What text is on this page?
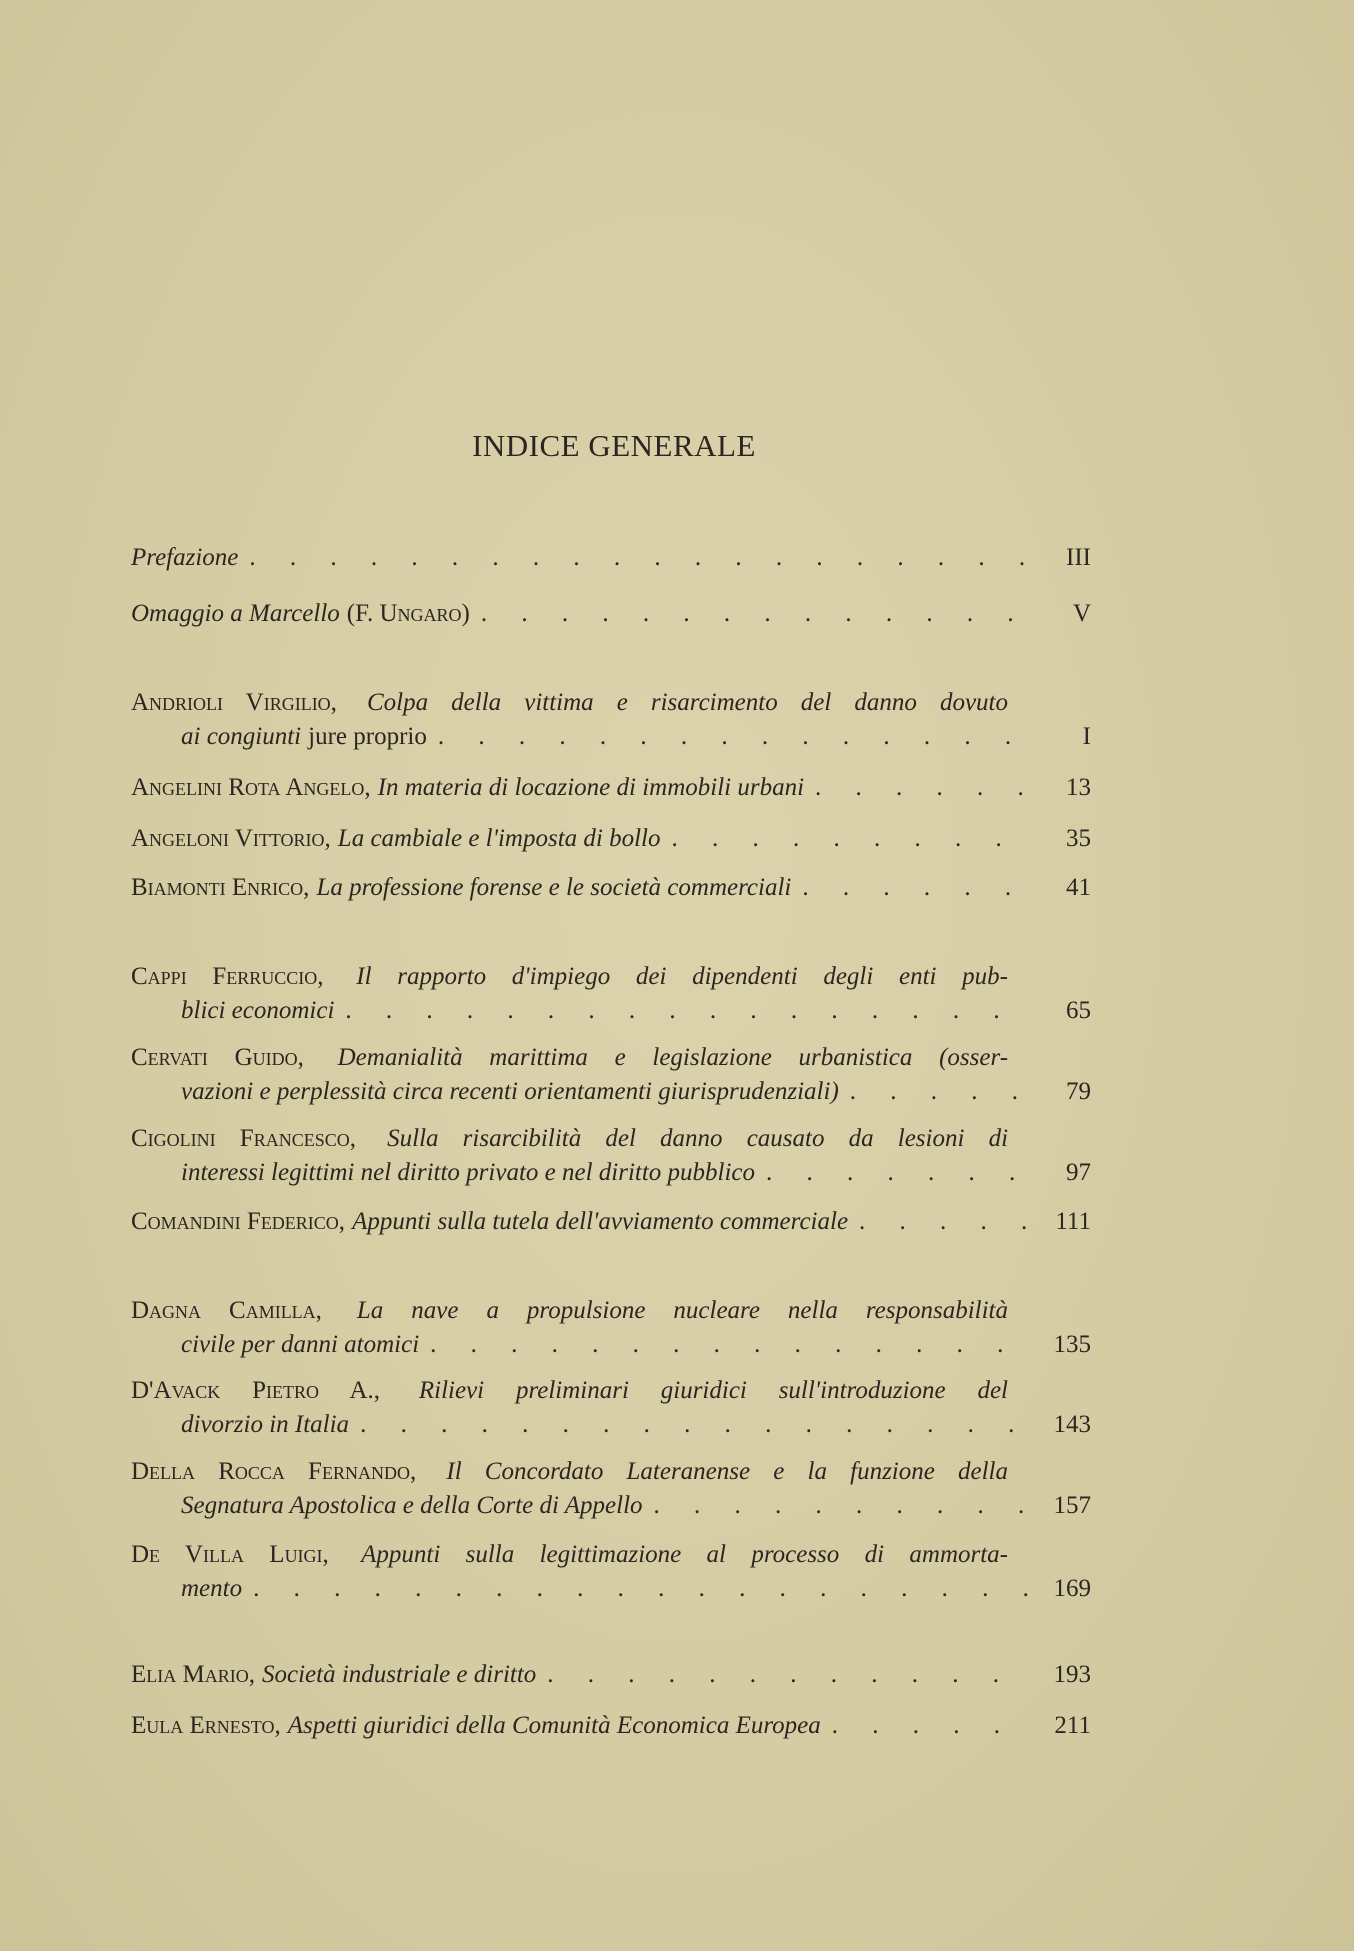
INDICE GENERALE
Prefazione . . .	III
Omaggio a Marcello (F. Ungaro) . . .	V
Andrioli Virgilio, Colpa della vittima e risarcimento del danno dovuto
ai congiunti jure proprio . . .	I
Angelini Rota Angelo, In materia di locazione di immobili urbani . . .	13
Angeloni Vittorio, La cambiale e l'imposta di bollo . . .	35
Biamonti Enrico, La professione forense e le società commerciali . . .	41
Cappi Ferruccio, Il rapporto d'impiego dei dipendenti degli enti pub-
blici economici . . .	65
Cervati Guido, Demanialità marittima e legislazione urbanistica (osser-
vazioni e perplessità circa recenti orientamenti giurisprudenziali) . . .	79
Cigolini Francesco, Sulla risarcibilità del danno causato da lesioni di
interessi legittimi nel diritto privato e nel diritto pubblico . . .	97
Comandini Federico, Appunti sulla tutela dell'avviamento commerciale . . .	111
Dagna Camilla, La nave a propulsione nucleare nella responsabilità
civile per danni atomici . . .	135
D'Avack Pietro A., Rilievi preliminari giuridici sull'introduzione del
divorzio in Italia . . .	143
Della Rocca Fernando, Il Concordato Lateranense e la funzione della
Segnatura Apostolica e della Corte di Appello . . .	157
De Villa Luigi, Appunti sulla legittimazione al processo di ammorta-
mento . . .	169
Elia Mario, Società industriale e diritto . . .	193
Eula Ernesto, Aspetti giuridici della Comunità Economica Europea . . .	211
